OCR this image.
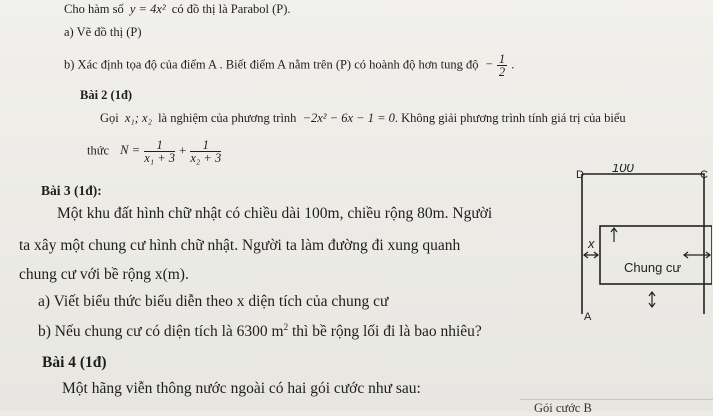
Cho hàm số y = 4x² có đồ thị là Parabol (P).
a) Vẽ đồ thị (P)
b) Xác định tọa độ của điểm A . Biết điểm A nằm trên (P) có hoành độ hơn tung độ − $\frac{1}{2}$ .
Bài 2 (1đ)
Gọi x₁; x₂ là nghiệm của phương trình −2x² − 6x − 1 = 0. Không giải phương trình tính giá trị của biểu
thức $N = \frac{1}{\text{x₁ + 3}} + \frac{1}{\text{x₂ + 3}}$
Bài 3 (1đ):
Một khu đất hình chữ nhật có chiều dài 100m, chiều rộng 80m. Người
ta xây một chung cư hình chữ nhật. Người ta làm đường đi xung quanh
chung cư với bề rộng x(m).
a) Viết biểu thức biểu diễn theo x diện tích của chung cư
b) Nếu chung cư có diện tích là 6300 $m^2$ thì bề rộng lối đi là bao nhiêu?
100
x
D	C
A
Chung cư
Bài 4 (1đ)
Một hãng viễn thông nước ngoài có hai gói cước như sau:
Gói cước B
